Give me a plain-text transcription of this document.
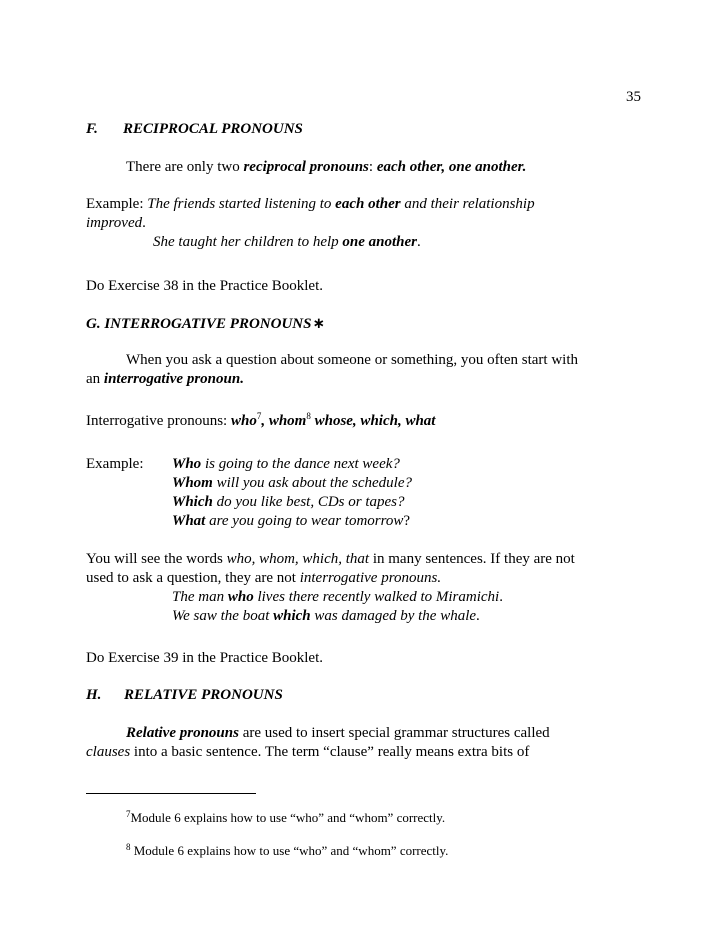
35
F. RECIPROCAL PRONOUNS
There are only two reciprocal pronouns: each other, one another.
Example: The friends started listening to each other and their relationship
improved.
She taught her children to help one another.
Do Exercise 38 in the Practice Booklet.
G. INTERROGATIVE PRONOUNS∗
When you ask a question about someone or something, you often start with
an interrogative pronoun.
Interrogative pronouns: who$^7$, whom$^8$ whose, which, what
Example: Who is going to the dance next week?
Whom will you ask about the schedule?
Which do you like best, CDs or tapes?
What are you going to wear tomorrow?
You will see the words who, whom, which, that in many sentences. If they are not
used to ask a question, they are not interrogative pronouns.
The man who lives there recently walked to Miramichi.
We saw the boat which was damaged by the whale.
Do Exercise 39 in the Practice Booklet.
H. RELATIVE PRONOUNS
Relative pronouns are used to insert special grammar structures called
clauses into a basic sentence. The term “clause” really means extra bits of
$^7$Module 6 explains how to use “who” and “whom” correctly.
$^8$ Module 6 explains how to use “who” and “whom” correctly.
